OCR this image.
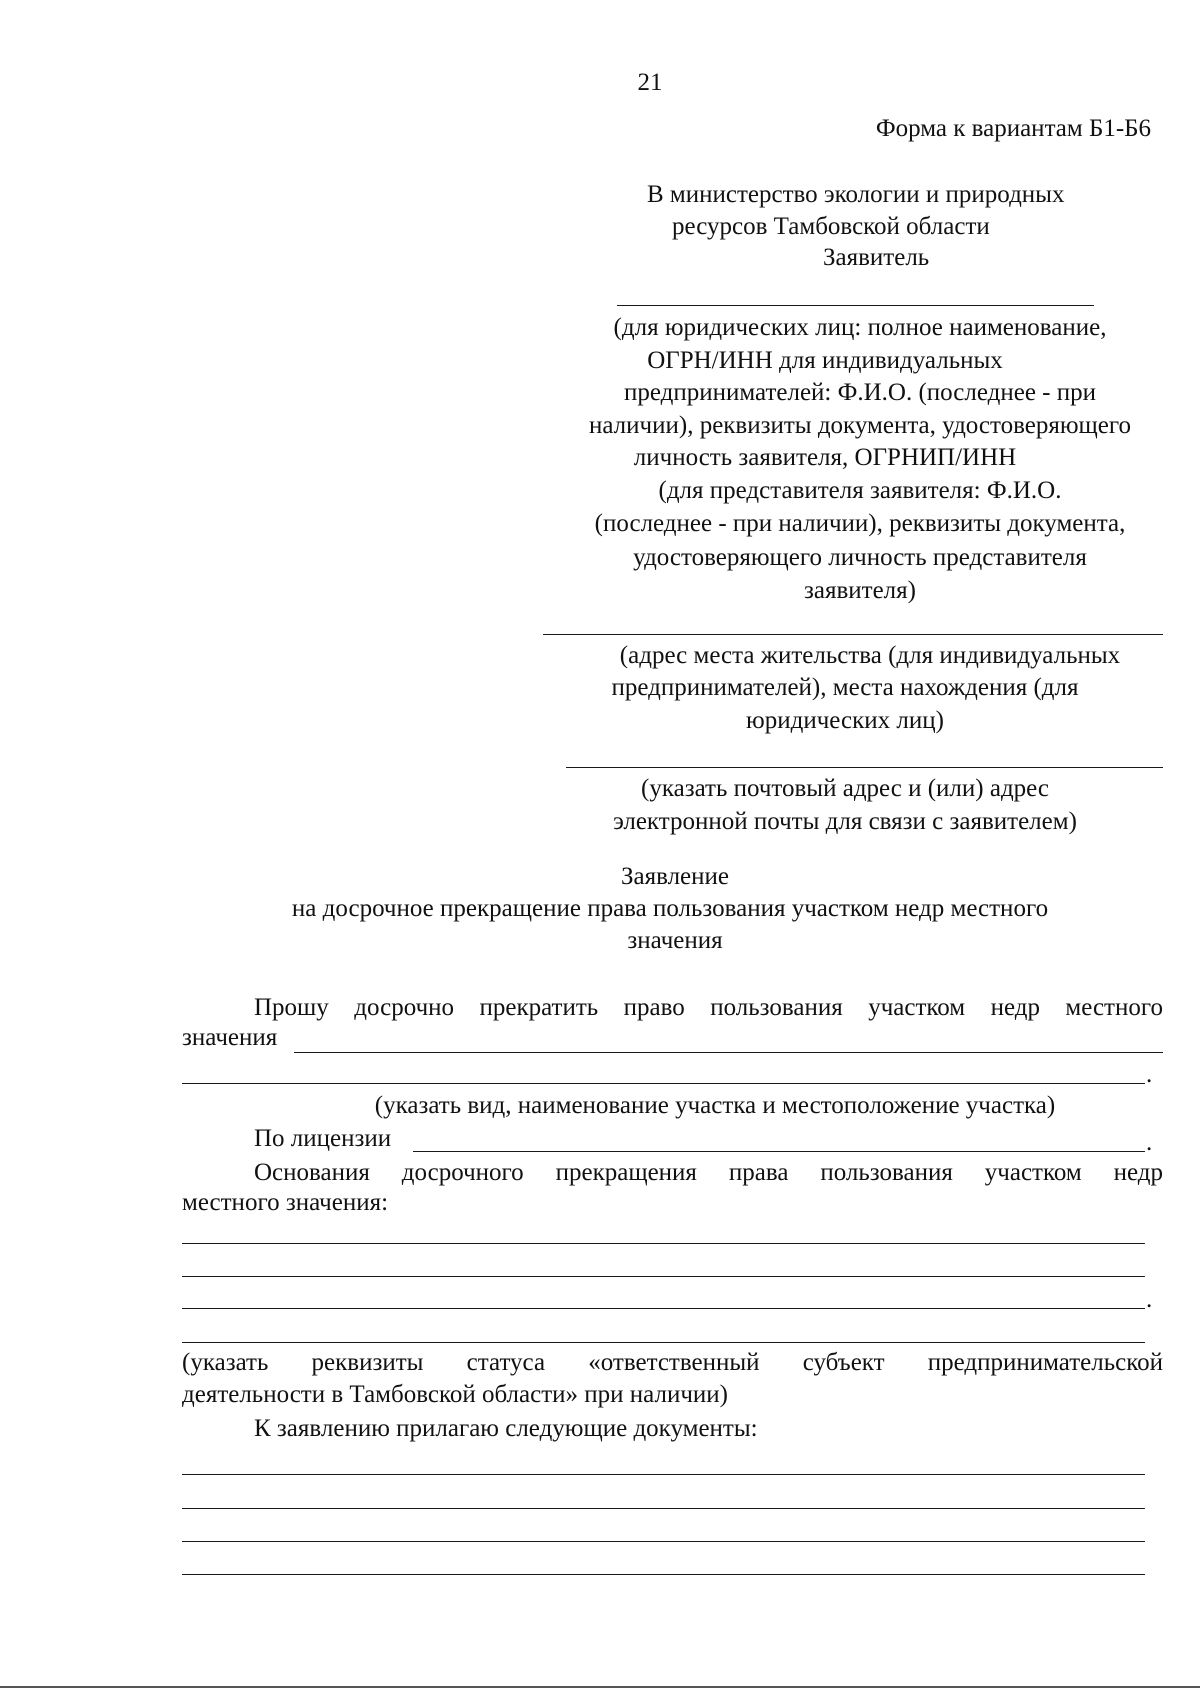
21
Форма к вариантам Б1-Б6
В министерство экологии и природных
ресурсов Тамбовской области
Заявитель
(для юридических лиц: полное наименование,
ОГРН/ИНН для индивидуальных
предпринимателей: Ф.И.О. (последнее - при
наличии), реквизиты документа, удостоверяющего
личность заявителя, ОГРНИП/ИНН
(для представителя заявителя: Ф.И.О.
(последнее - при наличии), реквизиты документа,
удостоверяющего личность представителя
заявителя)
(адрес места жительства (для индивидуальных
предпринимателей), места нахождения (для
юридических лиц)
(указать почтовый адрес и (или) адрес
электронной почты для связи с заявителем)
Заявление
на досрочное прекращение права пользования участком недр местного
значения
Прошу досрочно прекратить право пользования участком недр местного
значения
.
(указать вид, наименование участка и местоположение участка)
По лицензии	.
Основания досрочного прекращения права пользования участком недр
местного значения:
.
(указать реквизиты статуса «ответственный субъект предпринимательской
деятельности в Тамбовской области» при наличии)
К заявлению прилагаю следующие документы:
